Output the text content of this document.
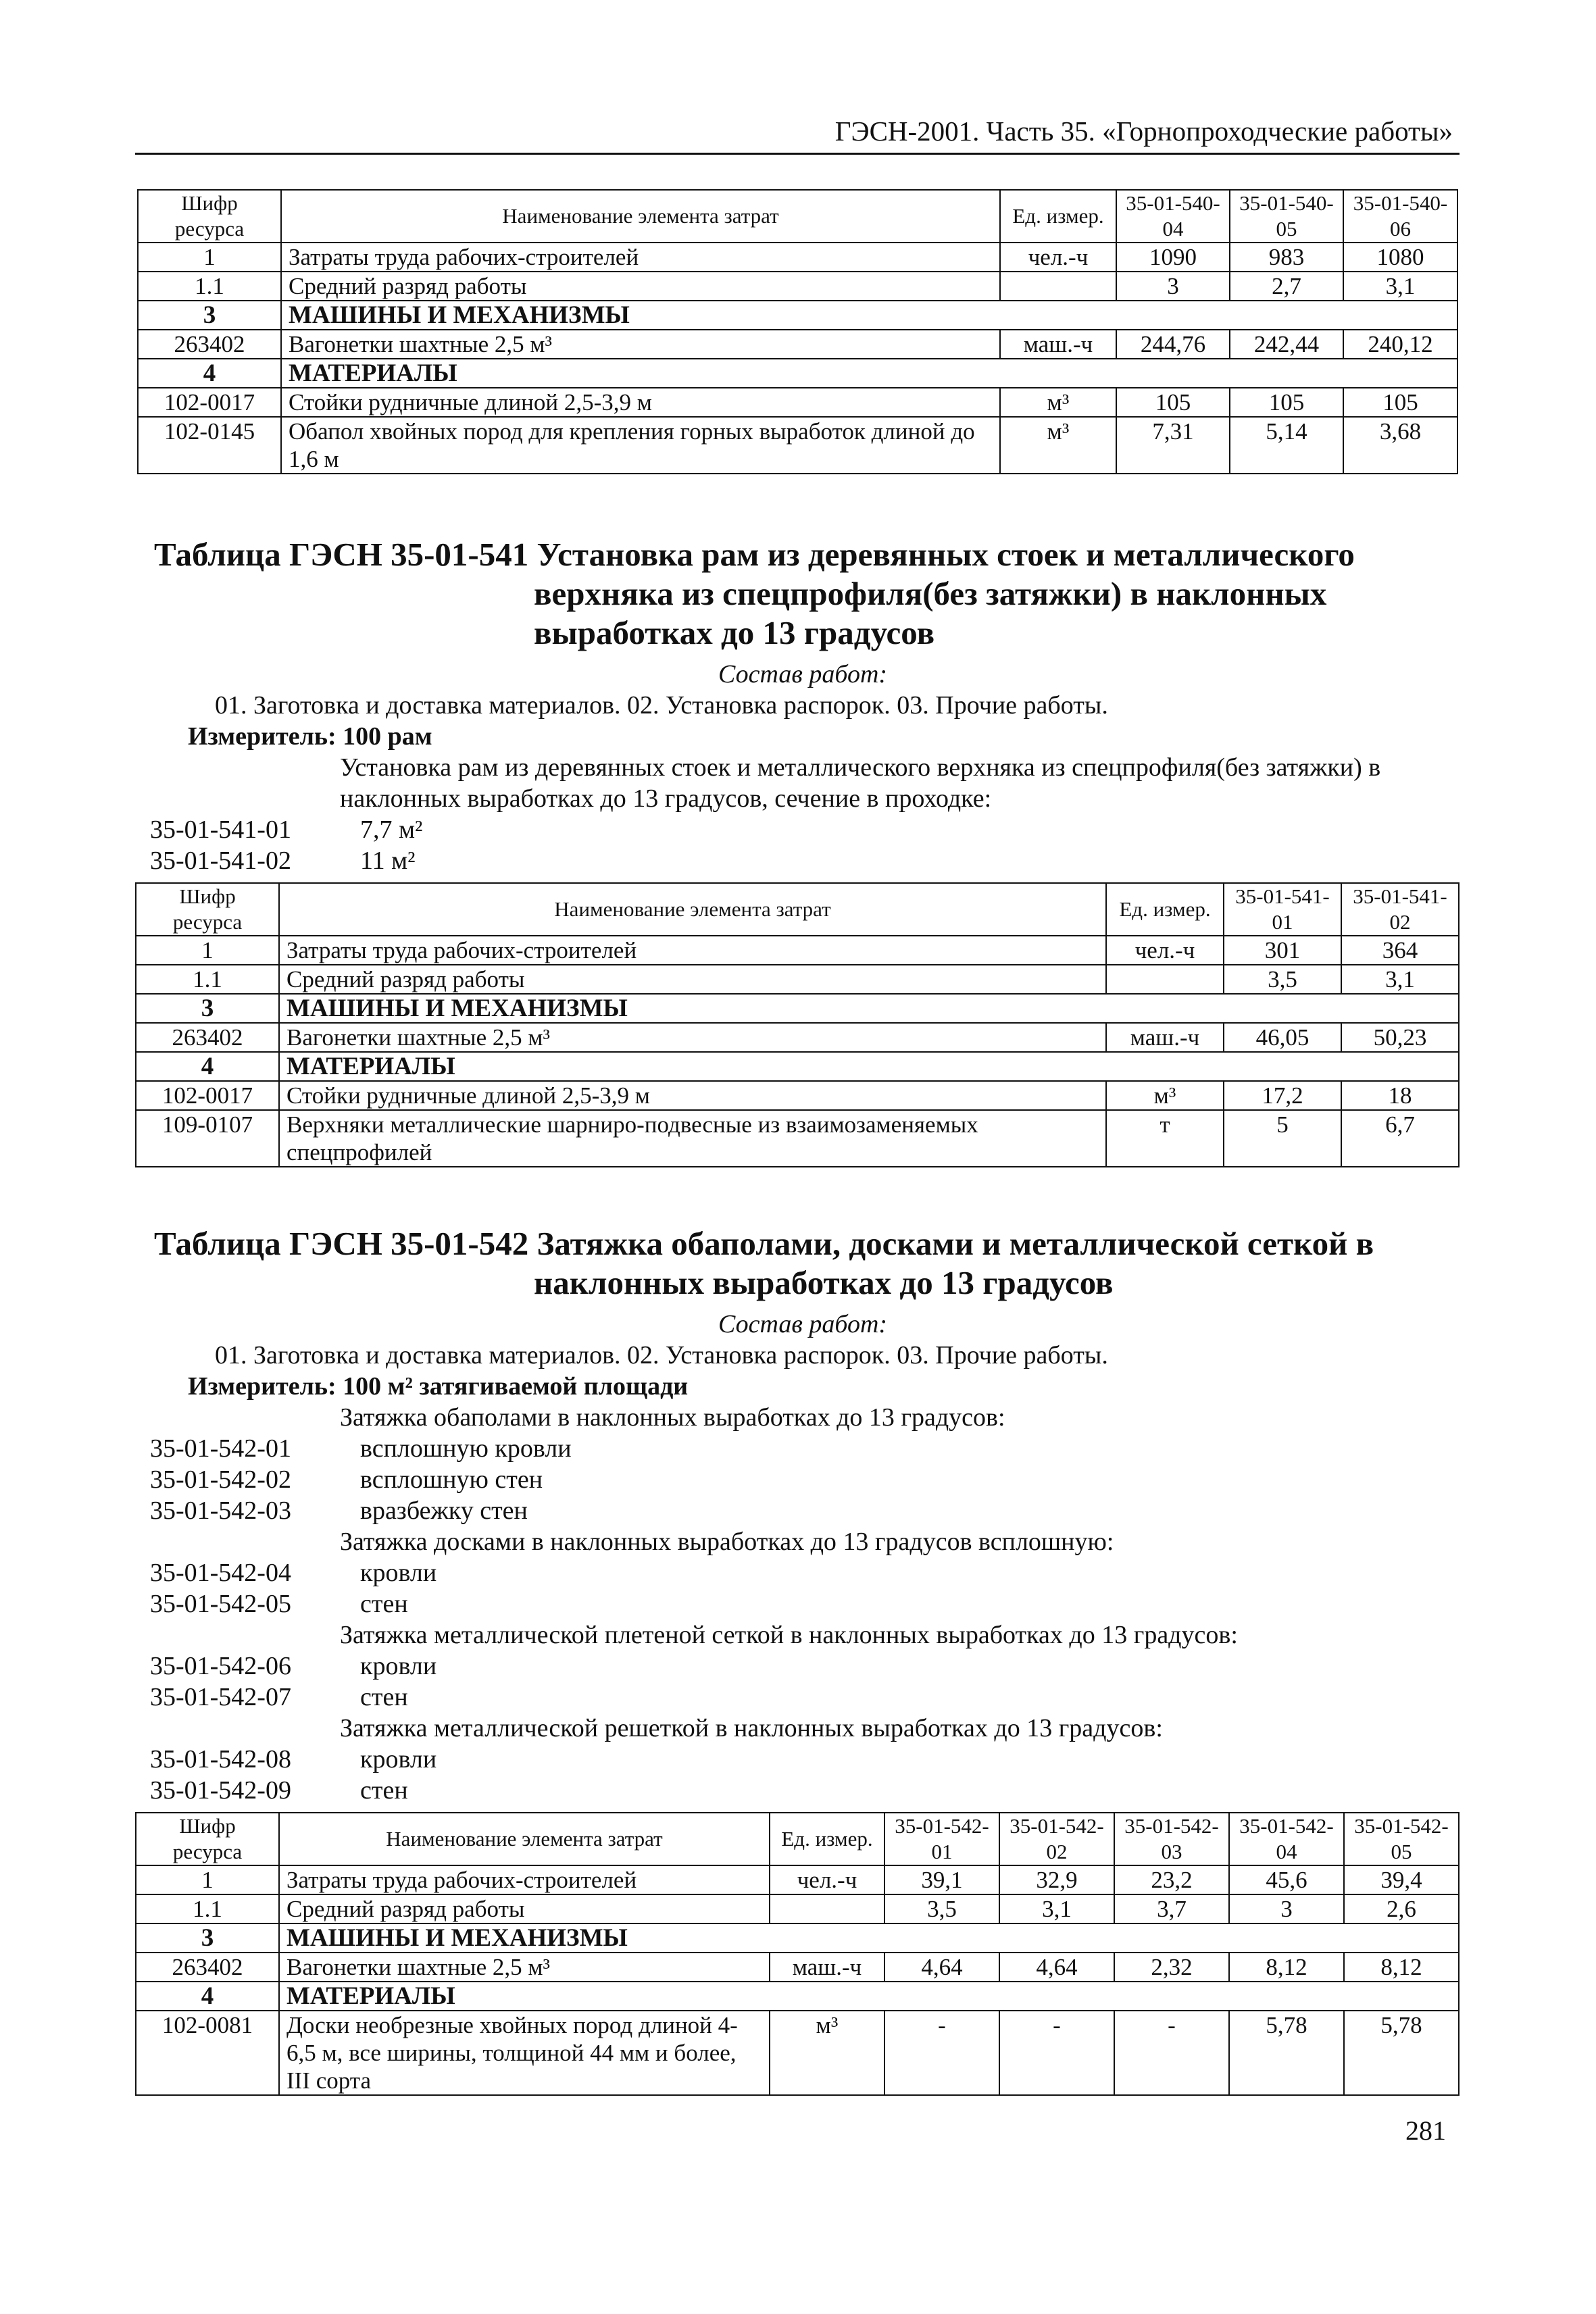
ГЭСН-2001. Часть 35. «Горнопроходческие работы»
Шифр ресурса	Наименование элемента затрат	Ед. измер.	35-01-540-04	35-01-540-05	35-01-540-06
1	Затраты труда рабочих-строителей	чел.-ч	1090	983	1080
1.1	Средний разряд работы		3	2,7	3,1
3	МАШИНЫ И МЕХАНИЗМЫ				
263402	Вагонетки шахтные 2,5 м³	маш.-ч	244,76	242,44	240,12
4	МАТЕРИАЛЫ				
102-0017	Стойки рудничные длиной 2,5-3,9 м	м³	105	105	105
102-0145	Обапол хвойных пород для крепления горных выработок длиной до 1,6 м	м³	7,31	5,14	3,68
Таблица ГЭСН 35-01-541 Установка рам из деревянных стоек и металлического
верхняка из спецпрофиля(без затяжки) в наклонных
выработках до 13 градусов
Состав работ:
01. Заготовка и доставка материалов. 02. Установка распорок. 03. Прочие работы.
Измеритель: 100 рам
Установка рам из деревянных стоек и металлического верхняка из спецпрофиля(без затяжки) в
наклонных выработках до 13 градусов, сечение в проходке:
35-01-541-01	7,7 м²
35-01-541-02	11 м²
Шифр ресурса	Наименование элемента затрат	Ед. измер.	35-01-541-01	35-01-541-02
1	Затраты труда рабочих-строителей	чел.-ч	301	364
1.1	Средний разряд работы		3,5	3,1
3	МАШИНЫ И МЕХАНИЗМЫ			
263402	Вагонетки шахтные 2,5 м³	маш.-ч	46,05	50,23
4	МАТЕРИАЛЫ			
102-0017	Стойки рудничные длиной 2,5-3,9 м	м³	17,2	18
109-0107	Верхняки металлические шарниро-подвесные из взаимозаменяемых спецпрофилей	т	5	6,7
Таблица ГЭСН 35-01-542 Затяжка обаполами, досками и металлической сеткой в
наклонных выработках до 13 градусов
Состав работ:
01. Заготовка и доставка материалов. 02. Установка распорок. 03. Прочие работы.
Измеритель: 100 м² затягиваемой площади
Затяжка обаполами в наклонных выработках до 13 градусов:
35-01-542-01	всплошную кровли
35-01-542-02	всплошную стен
35-01-542-03	вразбежку стен
Затяжка досками в наклонных выработках до 13 градусов всплошную:
35-01-542-04	кровли
35-01-542-05	стен
Затяжка металлической плетеной сеткой в наклонных выработках до 13 градусов:
35-01-542-06	кровли
35-01-542-07	стен
Затяжка металлической решеткой в наклонных выработках до 13 градусов:
35-01-542-08	кровли
35-01-542-09	стен
Шифр ресурса	Наименование элемента затрат	Ед. измер.	35-01-542-01	35-01-542-02	35-01-542-03	35-01-542-04	35-01-542-05
1	Затраты труда рабочих-строителей	чел.-ч	39,1	32,9	23,2	45,6	39,4
1.1	Средний разряд работы		3,5	3,1	3,7	3	2,6
3	МАШИНЫ И МЕХАНИЗМЫ						
263402	Вагонетки шахтные 2,5 м³	маш.-ч	4,64	4,64	2,32	8,12	8,12
4	МАТЕРИАЛЫ						
102-0081	Доски необрезные хвойных пород длиной 4-6,5 м, все ширины, толщиной 44 мм и более, III сорта	м³	-	-	-	5,78	5,78
281
